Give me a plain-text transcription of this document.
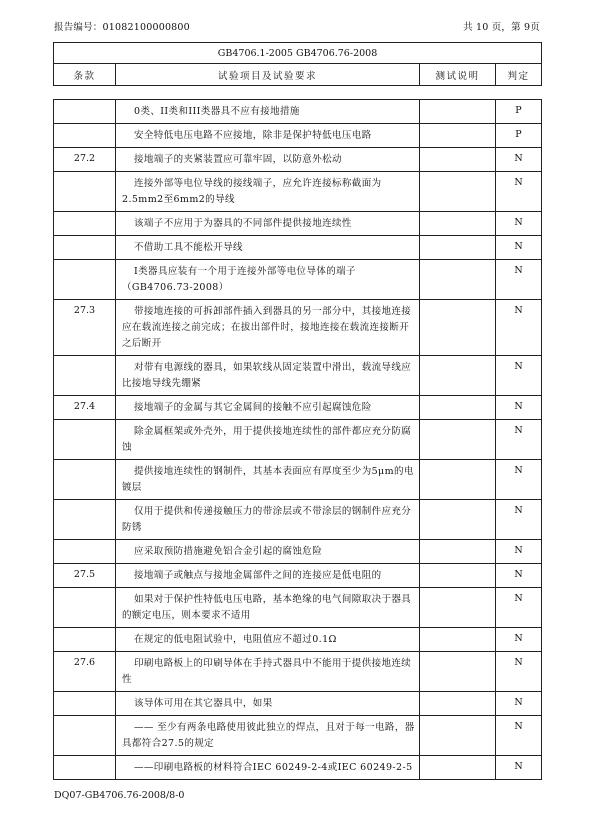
报告编号：01082100000800	共 10 页，第 9页
GB4706.1-2005 GB4706.76-2008
条款	试验项目及试验要求	测试说明	判定
	0类、II类和III类器具不应有接地措施		P
	安全特低电压电路不应接地，除非是保护特低电压电路		P
27.2	接地端子的夹紧装置应可靠牢固，以防意外松动		N
	连接外部等电位导线的接线端子，应允许连接标称截面为2.5mm2至6mm2的导线		N
	该端子不应用于为器具的不同部件提供接地连续性		N
	不借助工具不能松开导线		N
	I类器具应装有一个用于连接外部等电位导体的端子（GB4706.73-2008）		N
27.3	带接地连接的可拆卸部件插入到器具的另一部分中，其接地连接应在载流连接之前完成；在拔出部件时，接地连接在载流连接断开之后断开		N
	对带有电源线的器具，如果软线从固定装置中滑出，载流导线应比接地导线先绷紧		N
27.4	接地端子的金属与其它金属间的接触不应引起腐蚀危险		N
	除金属框架或外壳外，用于提供接地连续性的部件都应充分防腐蚀		N
	提供接地连续性的钢制件，其基本表面应有厚度至少为5μm的电镀层		N
	仅用于提供和传递接触压力的带涂层或不带涂层的钢制件应充分防锈		N
	应采取预防措施避免铝合金引起的腐蚀危险		N
27.5	接地端子或触点与接地金属部件之间的连接应是低电阻的		N
	如果对于保护性特低电压电路，基本绝缘的电气间隙取决于器具的额定电压，则本要求不适用		N
	在规定的低电阻试验中，电阻值应不超过0.1Ω		N
27.6	印刷电路板上的印刷导体在手持式器具中不能用于提供接地连续性		N
	该导体可用在其它器具中，如果		N
	—— 至少有两条电路使用彼此独立的焊点，且对于每一电路，器具都符合27.5的规定		N
	——印刷电路板的材料符合IEC 60249-2-4或IEC 60249-2-5		N
DQ07-GB4706.76-2008/8-0
